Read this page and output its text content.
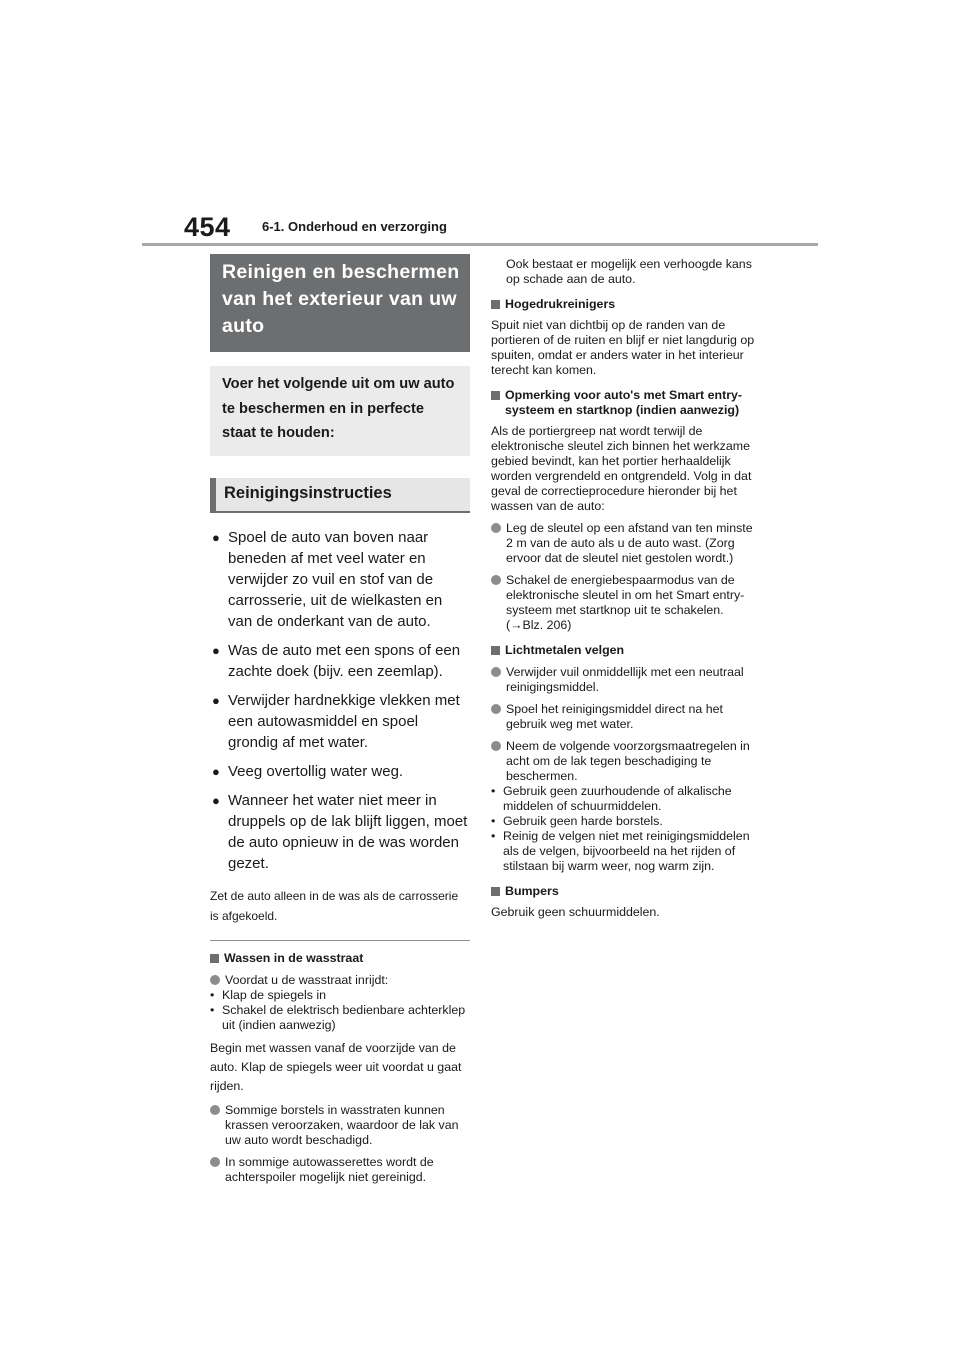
454 6-1. Onderhoud en verzorging
Reinigen en beschermen van het exterieur van uw auto
Voer het volgende uit om uw auto te beschermen en in perfecte staat te houden:
Reinigingsinstructies
● Spoel de auto van boven naar beneden af met veel water en verwijder zo vuil en stof van de carrosserie, uit de wielkasten en van de onderkant van de auto.
● Was de auto met een spons of een zachte doek (bijv. een zeemlap).
● Verwijder hardnekkige vlekken met een autowasmiddel en spoel grondig af met water.
● Veeg overtollig water weg.
● Wanneer het water niet meer in druppels op de lak blijft liggen, moet de auto opnieuw in de was worden gezet.
Zet de auto alleen in de was als de carrosserie is afgekoeld.
Wassen in de wasstraat
Voordat u de wasstraat inrijdt:
• Klap de spiegels in
• Schakel de elektrisch bedienbare achterklep uit (indien aanwezig)
Begin met wassen vanaf de voorzijde van de auto. Klap de spiegels weer uit voordat u gaat rijden.
Sommige borstels in wasstraten kunnen krassen veroorzaken, waardoor de lak van uw auto wordt beschadigd.
In sommige autowasserettes wordt de achterspoiler mogelijk niet gereinigd.
Ook bestaat er mogelijk een verhoogde kans op schade aan de auto.
Hogedrukreinigers
Spuit niet van dichtbij op de randen van de portieren of de ruiten en blijf er niet langdurig op spuiten, omdat er anders water in het interieur terecht kan komen.
Opmerking voor auto's met Smart entry-systeem en startknop (indien aanwezig)
Als de portiergreep nat wordt terwijl de elektronische sleutel zich binnen het werkzame gebied bevindt, kan het portier herhaaldelijk worden vergrendeld en ontgrendeld. Volg in dat geval de correctieprocedure hieronder bij het wassen van de auto:
Leg de sleutel op een afstand van ten minste 2 m van de auto als u de auto wast. (Zorg ervoor dat de sleutel niet gestolen wordt.)
Schakel de energiebespaarmodus van de elektronische sleutel in om het Smart entry-systeem met startknop uit te schakelen. (→Blz. 206)
Lichtmetalen velgen
Verwijder vuil onmiddellijk met een neutraal reinigingsmiddel.
Spoel het reinigingsmiddel direct na het gebruik weg met water.
Neem de volgende voorzorgsmaatregelen in acht om de lak tegen beschadiging te beschermen.
• Gebruik geen zuurhoudende of alkalische middelen of schuurmiddelen.
• Gebruik geen harde borstels.
• Reinig de velgen niet met reinigingsmiddelen als de velgen, bijvoorbeeld na het rijden of stilstaan bij warm weer, nog warm zijn.
Bumpers
Gebruik geen schuurmiddelen.
